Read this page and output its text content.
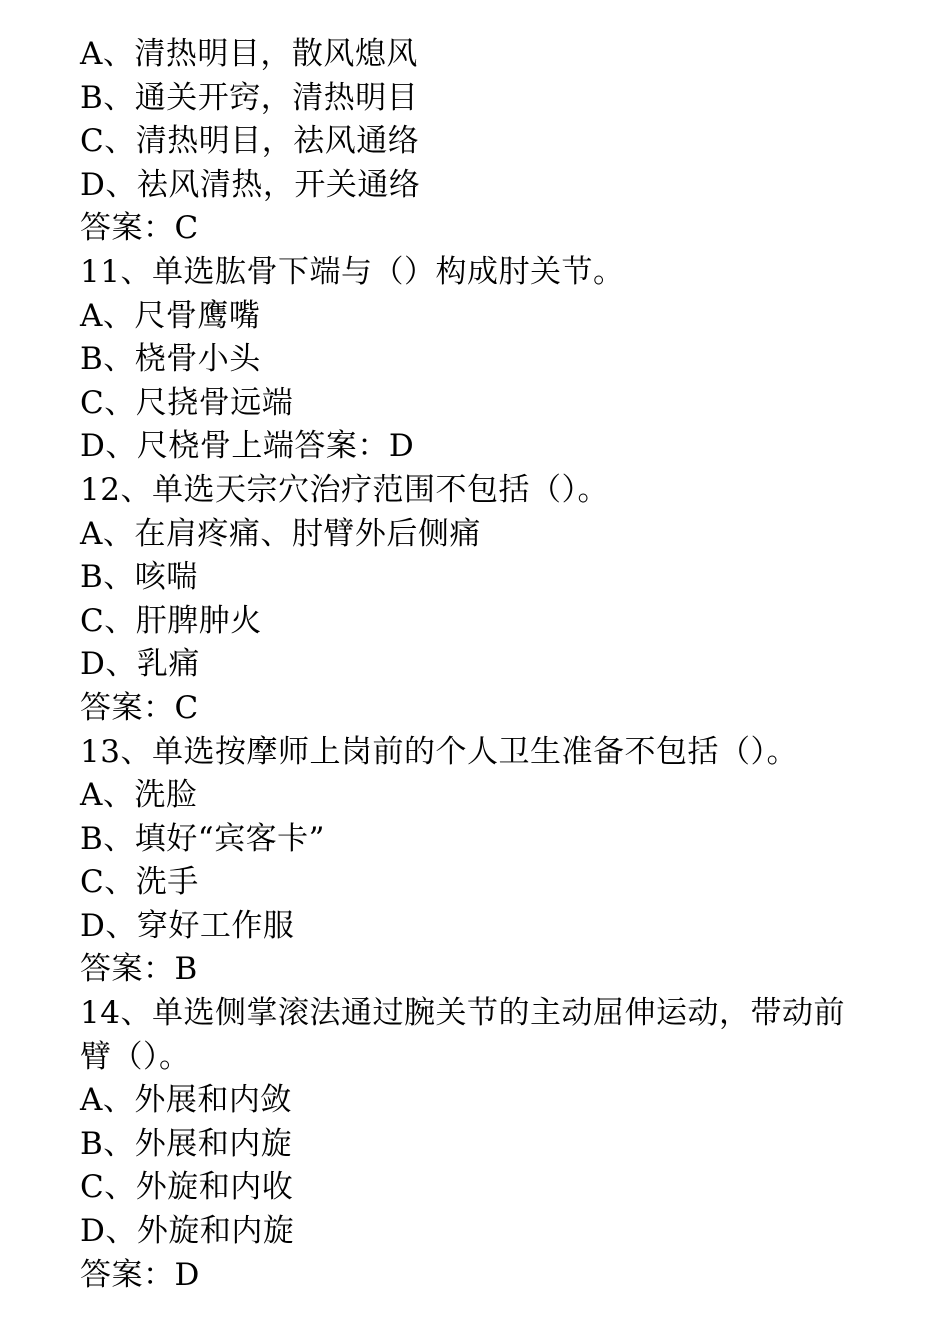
A、清热明目，散风熄风
B、通关开窍，清热明目
C、清热明目，祛风通络
D、祛风清热，开关通络
答案：C
11、单选肱骨下端与（）构成肘关节。
A、尺骨鹰嘴
B、桡骨小头
C、尺挠骨远端
D、尺桡骨上端答案：D
12、单选天宗穴治疗范围不包括（）。
A、在肩疼痛、肘臂外后侧痛
B、咳喘
C、肝脾肿火
D、乳痛
答案：C
13、单选按摩师上岗前的个人卫生准备不包括（）。
A、洗脸
B、填好“宾客卡”
C、洗手
D、穿好工作服
答案：B
14、单选侧掌滚法通过腕关节的主动屈伸运动，带动前臂（）。
A、外展和内敛
B、外展和内旋
C、外旋和内收
D、外旋和内旋
答案：D
